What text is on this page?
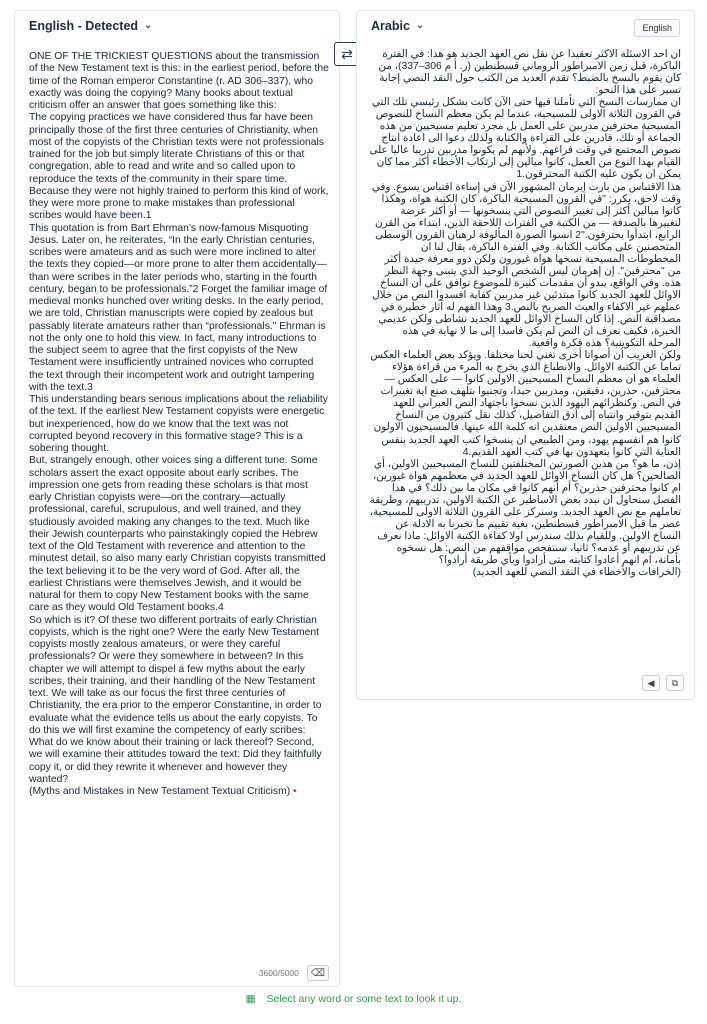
English - Detected ⌄

ONE OF THE TRICKIEST QUESTIONS about the transmission of the New Testament text is this: in the earliest period, before the time of the Roman emperor Constantine (r. AD 306–337), who exactly was doing the copying? Many books about textual criticism offer an answer that goes something like this:

The copying practices we have considered thus far have been principally those of the first three centuries of Christianity, when most of the copyists of the Christian texts were not professionals trained for the job but simply literate Christians of this or that congregation, able to read and write and so called upon to reproduce the texts of the community in their spare time. Because they were not highly trained to perform this kind of work, they were more prone to make mistakes than professional scribes would have been.1

This quotation is from Bart Ehrman’s now-famous Misquoting Jesus. Later on, he reiterates, “In the early Christian centuries, scribes were amateurs and as such were more inclined to alter the texts they copied—or more prone to alter them accidentally—than were scribes in the later periods who, starting in the fourth century, began to be professionals.”2 Forget the familiar image of medieval monks hunched over writing desks. In the early period, we are told, Christian manuscripts were copied by zealous but passably literate amateurs rather than “professionals.” Ehrman is not the only one to hold this view. In fact, many introductions to the subject seem to agree that the first copyists of the New Testament were insufficiently untrained novices who corrupted the text through their incompetent work and outright tampering with the text.3

This understanding bears serious implications about the reliability of the text. If the earliest New Testament copyists were energetic but inexperienced, how do we know that the text was not corrupted beyond recovery in this formative stage? This is a sobering thought.

But, strangely enough, other voices sing a different tune. Some scholars assert the exact opposite about early scribes. The impression one gets from reading these scholars is that most early Christian copyists were—on the contrary—actually professional, careful, scrupulous, and well trained, and they studiously avoided making any changes to the text. Much like their Jewish counterparts who painstakingly copied the Hebrew text of the Old Testament with reverence and attention to the minutest detail, so also many early Christian copyists transmitted the text believing it to be the very word of God. After all, the earliest Christians were themselves Jewish, and it would be natural for them to copy New Testament books with the same care as they would Old Testament books.4

So which is it? Of these two different portraits of early Christian copyists, which is the right one? Were the early New Testament copyists mostly zealous amateurs, or were they careful professionals? Or were they somewhere in between? In this chapter we will attempt to dispel a few myths about the early scribes, their training, and their handling of the New Testament text. We will take as our focus the first three centuries of Christianity, the era prior to the emperor Constantine, in order to evaluate what the evidence tells us about the early copyists. To do this we will first examine the competency of early scribes: What do we know about their training or lack thereof? Second, we will examine their attitudes toward the text: Did they faithfully copy it, or did they rewrite it whenever and however they wanted?

(Myths and Mistakes in New Testament Textual Criticism) •

3600/5000	⌫
⇄
Arabic ⌄	English

ان احد الاسئلة الاكثر تعقيدا عن نقل نص العهد الجديد هو هذا: في الفترة الباكرة، قبل زمن الامبراطور الروماني قسطنطين (ر. أ م 306–337)، من كان يقوم بالنسخ بالضبط؟ تقدم العديد من الكتب حول النقد النصي إجابة تسير على هذا النحو:

ان ممارسات النسخ التي تأملنا فيها حتى الآن كانت بشكل رئيسي تلك التي في القرون الثلاثة الاولى للمسيحية، عندما لم يكن معظم النساخ للنصوص المسيحية محترفين مدربين على العمل بل مجرد تعليم مسيحيين من هذه الجماعة أو تلك، قادرين على القراءة والكتابة ولذلك دعوا الى اعادة انتاج نصوص المجتمع في وقت فراغهم. ولأنهم لم يكونوا مدربين تدريبا عاليا على القيام بهذا النوع من العمل، كانوا ميالين إلى ارتكاب الأخطاء أكثر مما كان يمكن ان يكون عليه الكتبة المحترفون.1

هذا الاقتباس من بارت إيرمان المشهور الآن في إساءة اقتباس يسوع. وفي وقت لاحق، يكرر: "في القرون المسيحية الباكرة، كان الكتبة هواة، وهكذا كانوا ميالين أكثر إلى تغيير النصوص التي ينسخونها — أو أكثر عرضة لتغييرها بالصدفة — من الكتبة في الفترات اللاحقة الذين، ابتداء من القرن الرابع، ابتدأوا يحترفون."2 انسوا الصورة المألوفة لرهبان القرون الوسطى المتحصنين على مكاتب الكتابة. وفي الفترة الباكرة، يقال لنا ان المخطوطات المسيحية نسخها هواة غيورون ولكن ذوو معرفة جيدة أكثر من "محترفين". إن إهرمان ليس الشخص الوحيد الذي يتبنى وجهة النظر هذه. وفي الواقع، يبدو أن مقدمات كثيرة للموضوع توافق على أن النساخ الاوائل للعهد الجديد كانوا مبتدئين غير مدربين كفاية افسدوا النص من خلال عملهم غير الاكفاء والعبث الصريح بالنص.3 وهذا الفهم له آثار خطيرة في مصداقية النص. إذا كان النساخ الاوائل للعهد الجديد نشاطى ولكن عديمي الخبرة، فكيف نعرف ان النص لم يكن فاسدا إلى ما لا نهاية في هذه المرحلة التكوينية؟ هذه فكرة واقعية.

ولكن الغريب أن أصواتا أخرى تغني لحنا مختلفا. ويؤكد بعض العلماء العكس تماما عن الكتبة الاوائل. والانطباع الذي يخرج به المرء من قراءة هؤلاء العلماء هو ان معظم النساخ المسيحيين الاولين كانوا — على العكس — محترفين، حذرين، دقيقين، ومدربين جيدا، وتجنبوا بتلهف صنع اية تغييرات في النص. وكنظرائهم اليهود الذين نسخوا باجتهاد النص العبراني للعهد القديم بتوقير وانتباه إلى أدق التفاصيل، كذلك نقل كثيرون من النساخ المسيحيين الاولين النص معتقدين انه كلمة الله عينها. فالمسيحيون الاولون كانوا هم انفسهم يهود، ومن الطبيعي ان ينسخوا كتب العهد الجديد بنفس العناية التي كانوا يتعهدون بها في كتب العهد القديم.4

إذن، ما هو؟ من هذين الصورتين المختلفتين للنساخ المسيحيين الاولين، أي الصالحين؟ هل كان النساخ الاوائل للعهد الجديد في معظمهم هواة غيورين، ام كانوا محترفين حذرين؟ أم أنهم كانوا في مكان ما بين ذلك؟ في هذا الفصل سنحاول ان نبدد بعض الاساطير عن الكتبة الاولين، تدريبهم، وطريقة تعاملهم مع نص العهد الجديد. وسنركز على القرون الثلاثة الاولى للمسيحية، عصر ما قبل الامبراطور قسطنطين، بغية تقييم ما تخبرنا به الادلة عن النساخ الاولين. وللقيام بذلك سندرس اولا كفاءة الكتبة الاوائل: ماذا نعرف عن تدريبهم أو عدمه؟ ثانيا، سنتفحص مواقفهم من النص: هل نسخوه بأمانة، ام انهم أعادوا كتابته متى أرادوا وبأي طريقة أرادوا؟

(الخرافات والأخطاء في النقد النصي للعهد الجديد)

◀	⧉
▦ Select any word or some text to look it up.
